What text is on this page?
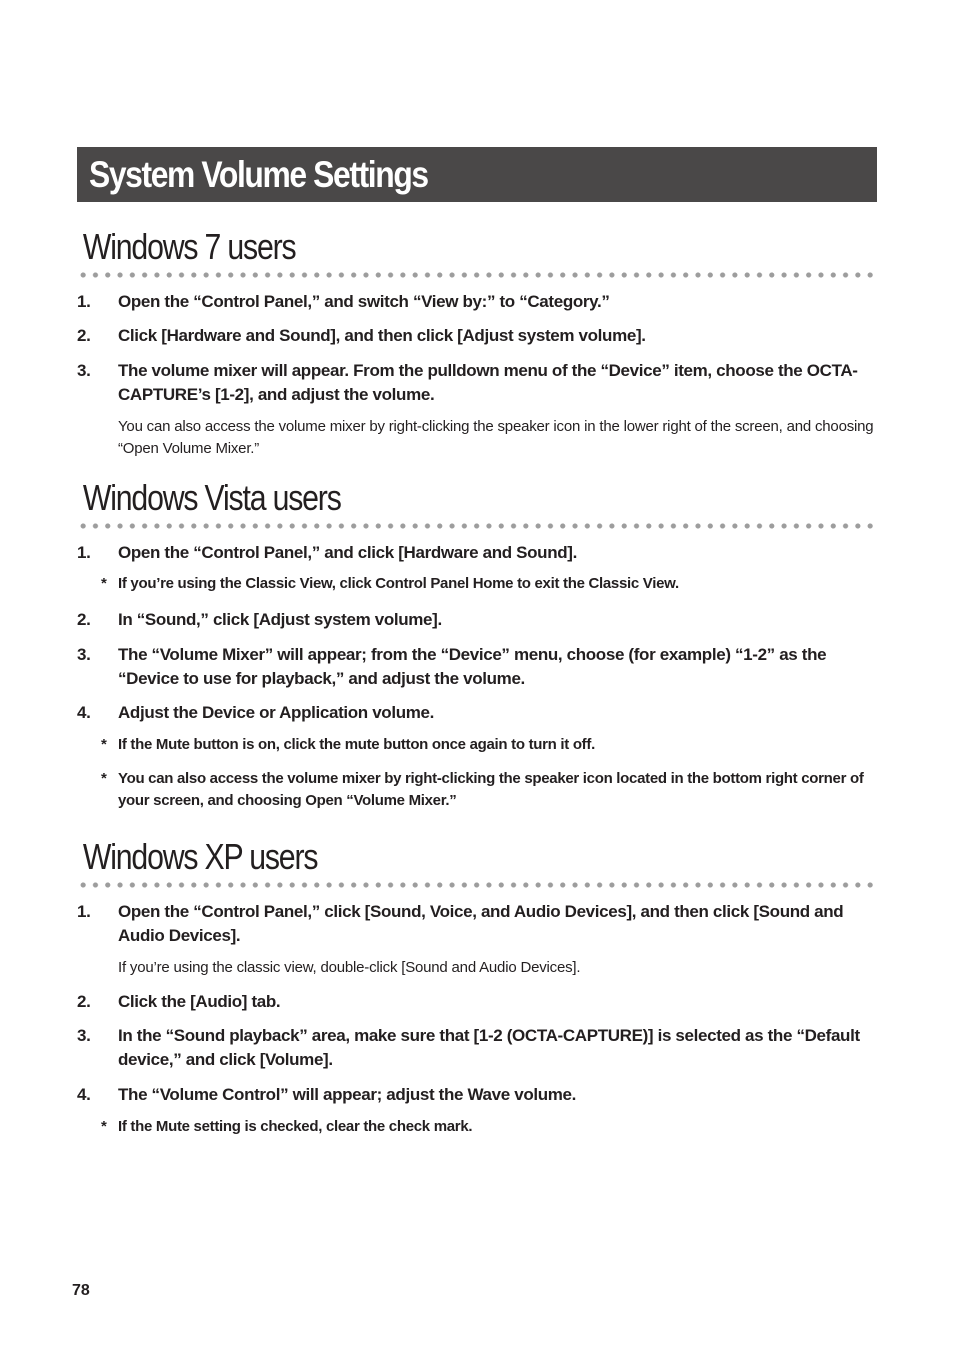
System Volume Settings
Windows 7 users
1. Open the “Control Panel,” and switch “View by:” to “Category.”
2. Click [Hardware and Sound], and then click [Adjust system volume].
3. The volume mixer will appear. From the pulldown menu of the “Device” item, choose the OCTA-CAPTURE’s [1-2], and adjust the volume.
You can also access the volume mixer by right-clicking the speaker icon in the lower right of the screen, and choosing “Open Volume Mixer.”
Windows Vista users
1. Open the “Control Panel,” and click [Hardware and Sound].
* If you’re using the Classic View, click Control Panel Home to exit the Classic View.
2. In “Sound,” click [Adjust system volume].
3. The “Volume Mixer” will appear; from the “Device” menu, choose (for example) “1-2” as the “Device to use for playback,” and adjust the volume.
4. Adjust the Device or Application volume.
* If the Mute button is on, click the mute button once again to turn it off.
* You can also access the volume mixer by right-clicking the speaker icon located in the bottom right corner of your screen, and choosing Open “Volume Mixer.”
Windows XP users
1. Open the “Control Panel,” click [Sound, Voice, and Audio Devices], and then click [Sound and Audio Devices].
If you’re using the classic view, double-click [Sound and Audio Devices].
2. Click the [Audio] tab.
3. In the “Sound playback” area, make sure that [1-2 (OCTA-CAPTURE)] is selected as the “Default device,” and click [Volume].
4. The “Volume Control” will appear; adjust the Wave volume.
* If the Mute setting is checked, clear the check mark.
78
